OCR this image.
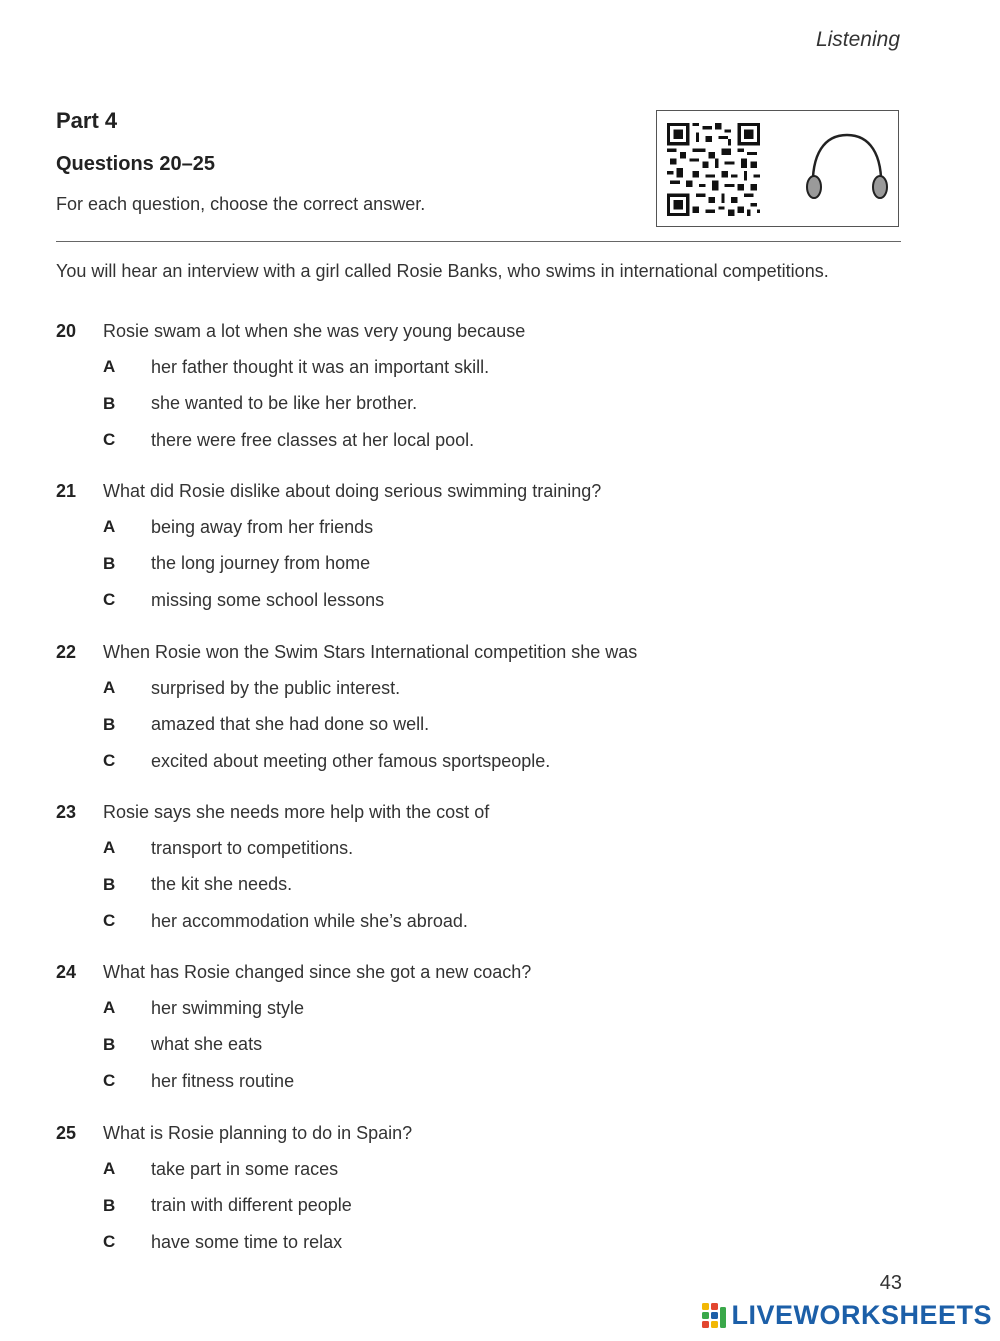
Listening
Part 4
Questions 20–25
For each question, choose the correct answer.
You will hear an interview with a girl called Rosie Banks, who swims in international competitions.
20	Rosie swam a lot when she was very young because
A	her father thought it was an important skill.
B	she wanted to be like her brother.
C	there were free classes at her local pool.
21	What did Rosie dislike about doing serious swimming training?
A	being away from her friends
B	the long journey from home
C	missing some school lessons
22	When Rosie won the Swim Stars International competition she was
A	surprised by the public interest.
B	amazed that she had done so well.
C	excited about meeting other famous sportspeople.
23	Rosie says she needs more help with the cost of
A	transport to competitions.
B	the kit she needs.
C	her accommodation while she’s abroad.
24	What has Rosie changed since she got a new coach?
A	her swimming style
B	what she eats
C	her fitness routine
25	What is Rosie planning to do in Spain?
A	take part in some races
B	train with different people
C	have some time to relax
43
LIVEWORKSHEETS
